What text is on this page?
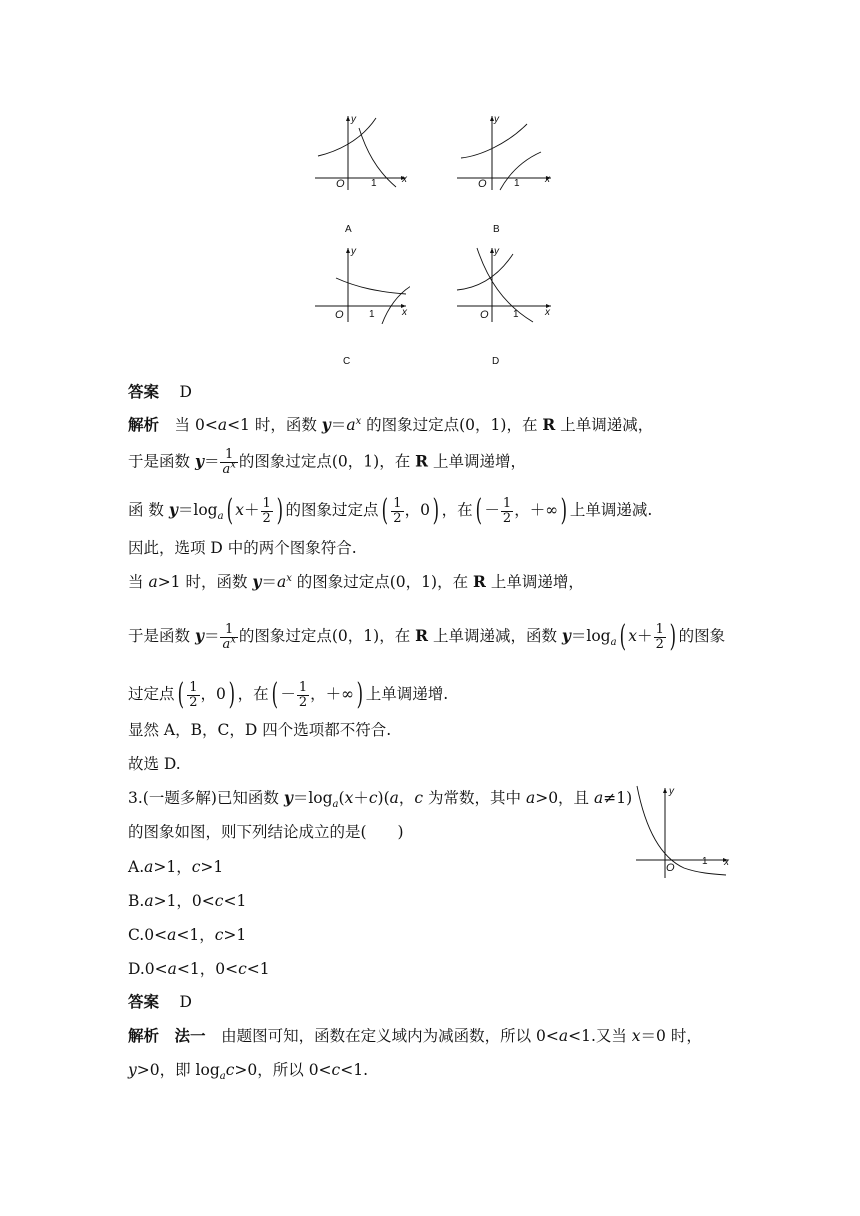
y
x
O	1
A
y
x
O	1
B
y
x
O	1
C
y
x
O 1
D
答案　 D
解析　 当 0<a<1 时，函数 $y=a^x$ 的图象过定点(0，1)，在 R 上单调递减，
于是函数 $y= \frac{1}{a^x}$ 的图象过定点(0，1)，在 R 上单调递增，
函 数 $y=\log_a$( $x+ \frac{1}{2}$ ) 的图象过定点( $\frac{1}{2}$ ，0) ，在( － $\frac{1}{2}$ ，＋∞) 上单调递减.
因此，选项 D 中的两个图象符合.
当 a>1 时，函数 $y=a^x$ 的图象过定点(0，1)，在 R 上单调递增，
于是函数 $y= \frac{1}{a^x}$ 的图象过定点(0，1)，在 R 上单调递减，函数 $y=\log_a$( $x+ \frac{1}{2}$ ) 的图象
过定点( $\frac{1}{2}$ ，0) ，在( － $\frac{1}{2}$ ，＋∞) 上单调递增.
显然 A，B，C，D 四个选项都不符合.
故选 D.
3.(一题多解)已知函数 $y=\log_a(x+c)(a$，c 为常数，其中 a>0，且 a≠1)
的图象如图，则下列结论成立的是(　　)
y
x
O
1
A.a>1，c>1
B.a>1，0<c<1
C.0<a<1，c>1
D.0<a<1，0<c<1
答案　 D
解析　 法一　 由题图可知，函数在定义域内为减函数，所以 0<a<1.又当 x＝0 时，
y>0，即 $\log_ac>0$，所以 0<c<1.
